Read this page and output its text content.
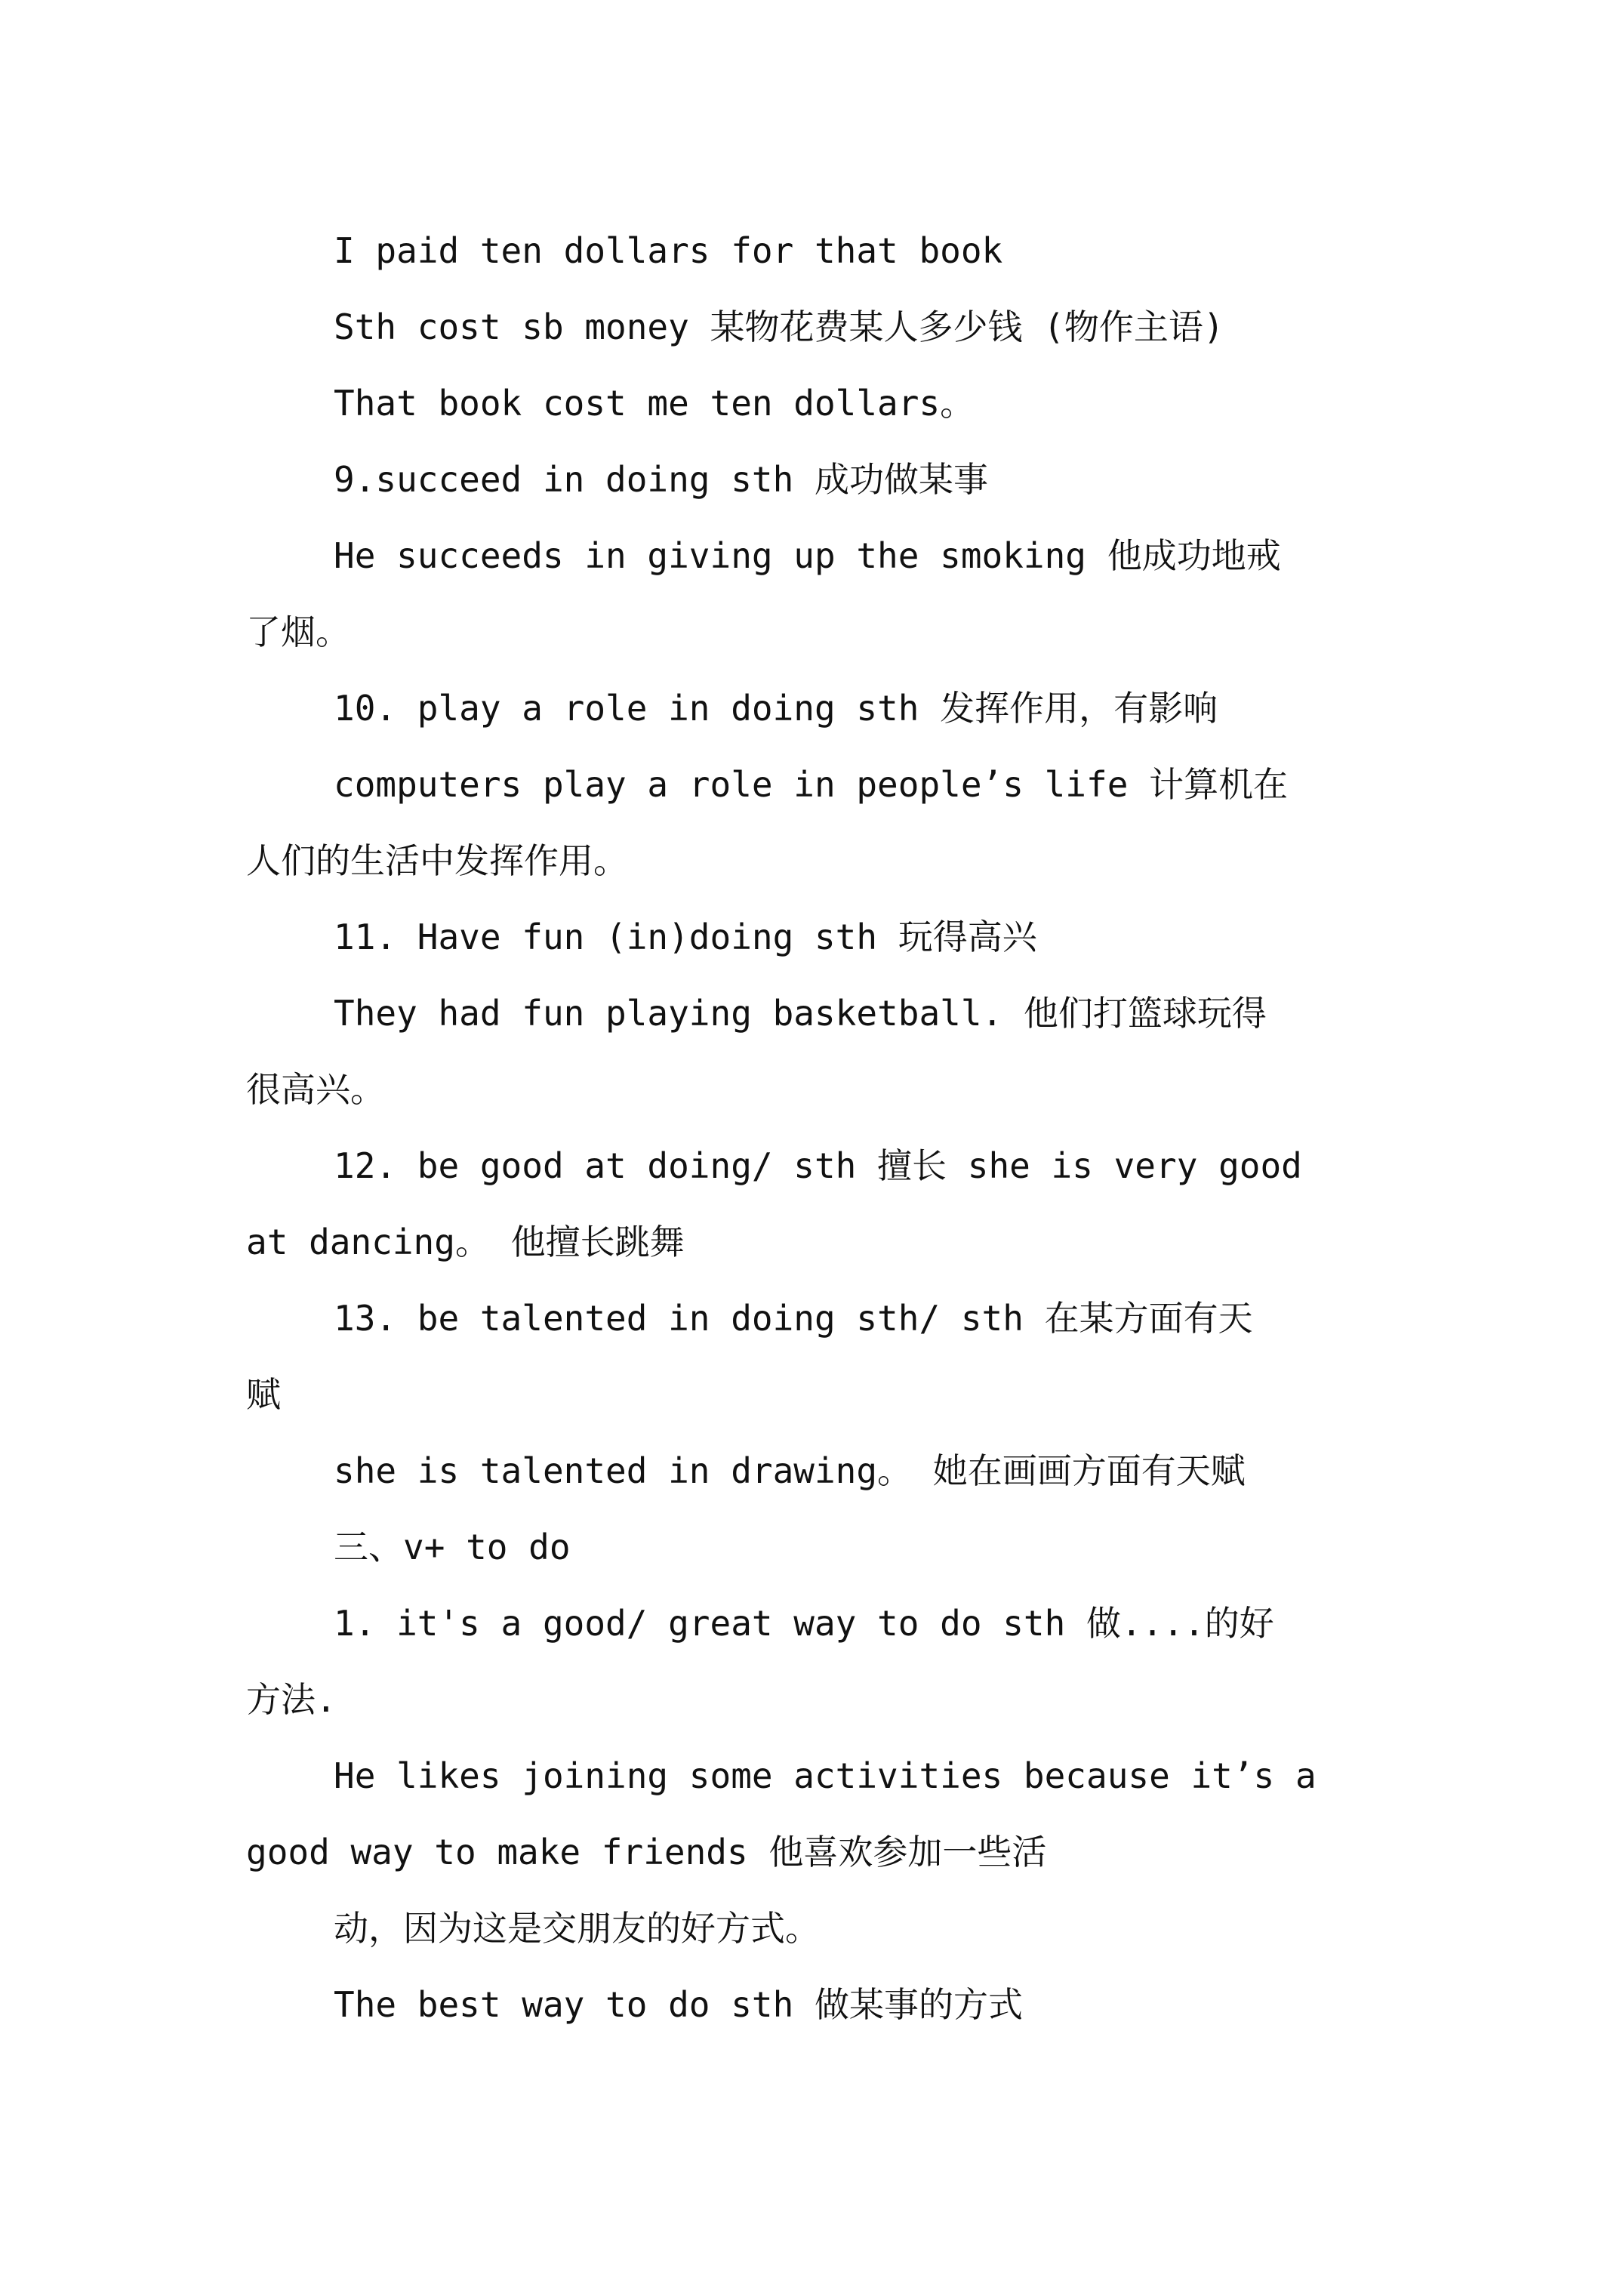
I paid ten dollars for that book
Sth cost sb money 某物花费某人多少钱 (物作主语)
That book cost me ten dollars。
9.succeed in doing sth 成功做某事
He succeeds in giving up the smoking 他成功地戒
了烟。
10. play a role in doing sth 发挥作用，有影响
computers play a role in people’s life 计算机在
人们的生活中发挥作用。
11. Have fun (in)doing sth 玩得高兴
They had fun playing basketball. 他们打篮球玩得
很高兴。
12. be good at doing/ sth 擅长 she is very good
at dancing。 他擅长跳舞
13. be talented in doing sth/ sth 在某方面有天
赋
she is talented in drawing。 她在画画方面有天赋
三、v+ to do
1. it's a good/ great way to do sth 做....的好
方法.
He likes joining some activities because it’s a
good way to make friends 他喜欢参加一些活
动，因为这是交朋友的好方式。
The best way to do sth 做某事的方式
